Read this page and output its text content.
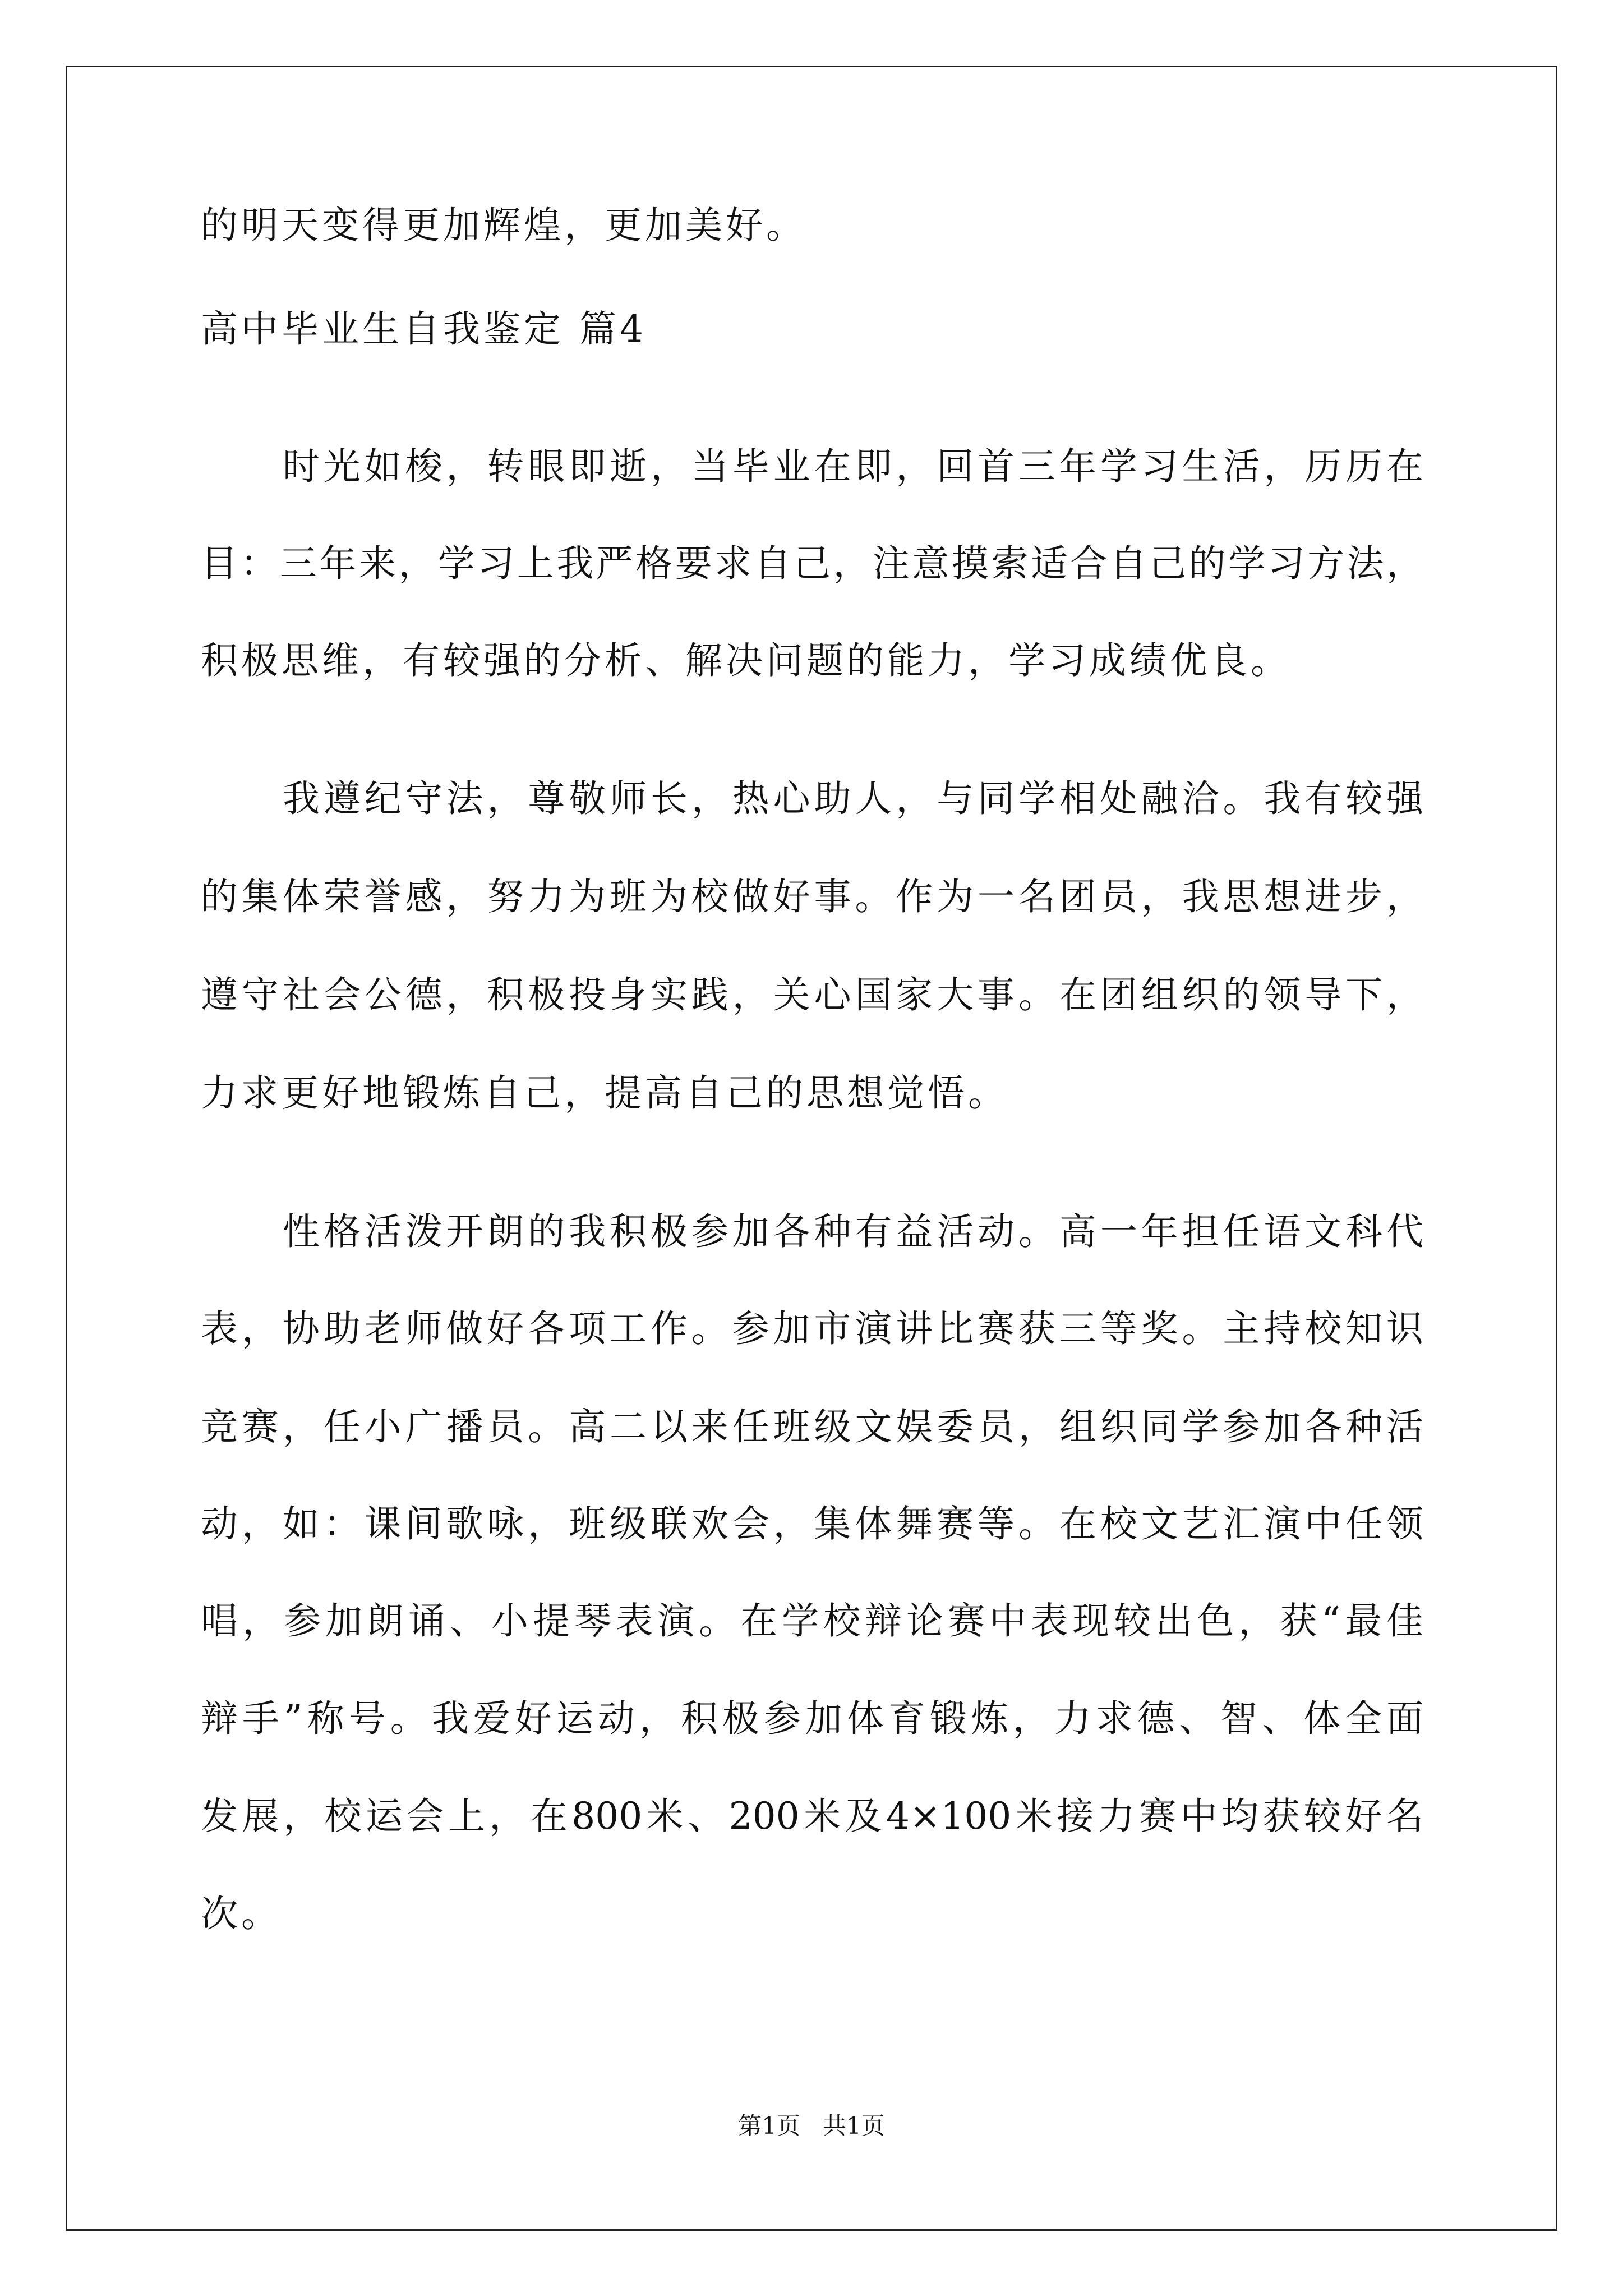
的明天变得更加辉煌，更加美好。
高中毕业生自我鉴定 篇4
时光如梭，转眼即逝，当毕业在即，回首三年学习生活，历历在
目：三年来，学习上我严格要求自己，注意摸索适合自己的学习方法，
积极思维，有较强的分析、解决问题的能力，学习成绩优良。
我遵纪守法，尊敬师长，热心助人，与同学相处融洽。我有较强
的集体荣誉感，努力为班为校做好事。作为一名团员，我思想进步，
遵守社会公德，积极投身实践，关心国家大事。在团组织的领导下，
力求更好地锻炼自己，提高自己的思想觉悟。
性格活泼开朗的我积极参加各种有益活动。高一年担任语文科代
表，协助老师做好各项工作。参加市演讲比赛获三等奖。主持校知识
竞赛，任小广播员。高二以来任班级文娱委员，组织同学参加各种活
动，如：课间歌咏，班级联欢会，集体舞赛等。在校文艺汇演中任领
唱，参加朗诵、小提琴表演。在学校辩论赛中表现较出色，获“最佳
辩手”称号。我爱好运动，积极参加体育锻炼，力求德、智、体全面
发展，校运会上，在800米、200米及4×100米接力赛中均获较好名
次。
第1页   共1页
